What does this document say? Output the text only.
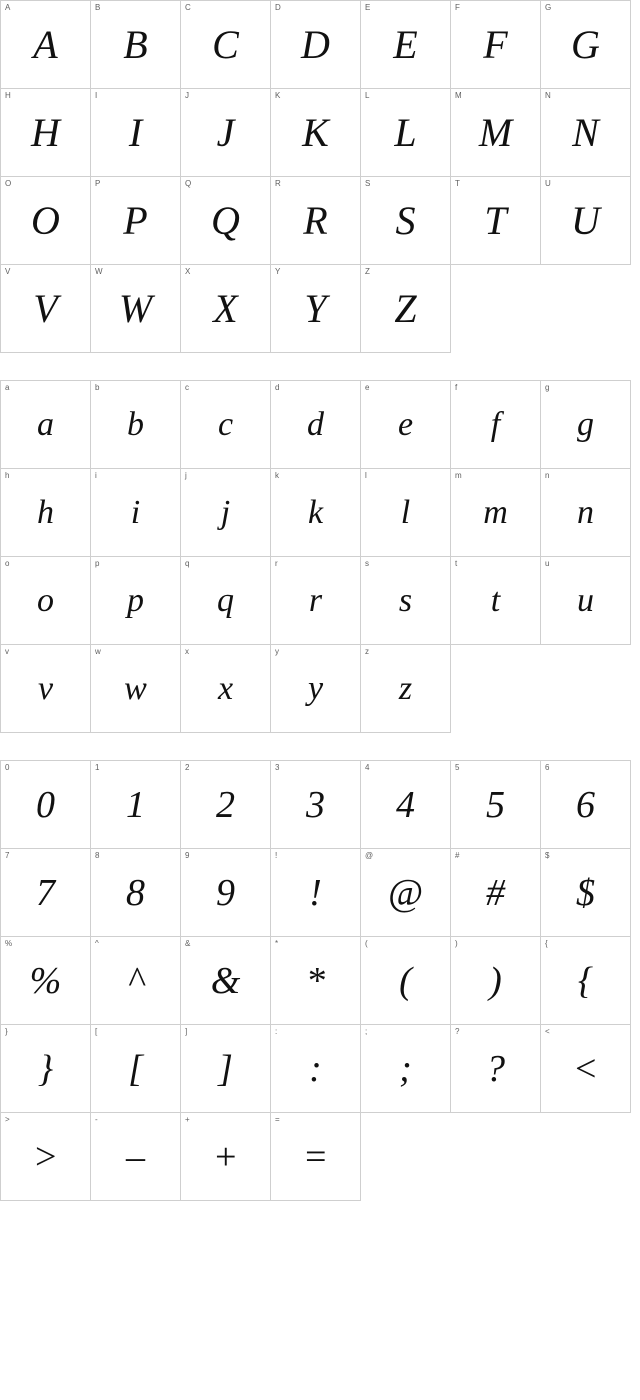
A
A
B
B
C
C
D
D
E
E
F
F
G
G
H
H
I
I
J
J
K
K
L
L
M
M
N
N
O
O
P
P
Q
Q
R
R
S
S
T
T
U
U
V
V
W
W
X
X
Y
Y
Z
Z
a
a
b
b
c
c
d
d
e
e
f
f
g
g
h
h
i
i
j
j
k
k
l
l
m
m
n
n
o
o
p
p
q
q
r
r
s
s
t
t
u
u
v
v
w
w
x
x
y
y
z
z
0
0
1
1
2
2
3
3
4
4
5
5
6
6
7
7
8
8
9
9
!
!
@
@
#
#
$
$
%
%
^
^
&
&
*
*
(
(
)
)
{
{
}
}
[
[
]
]
:
:
;
;
?
?
<
<
>
>
-
–
+
+
=
=
